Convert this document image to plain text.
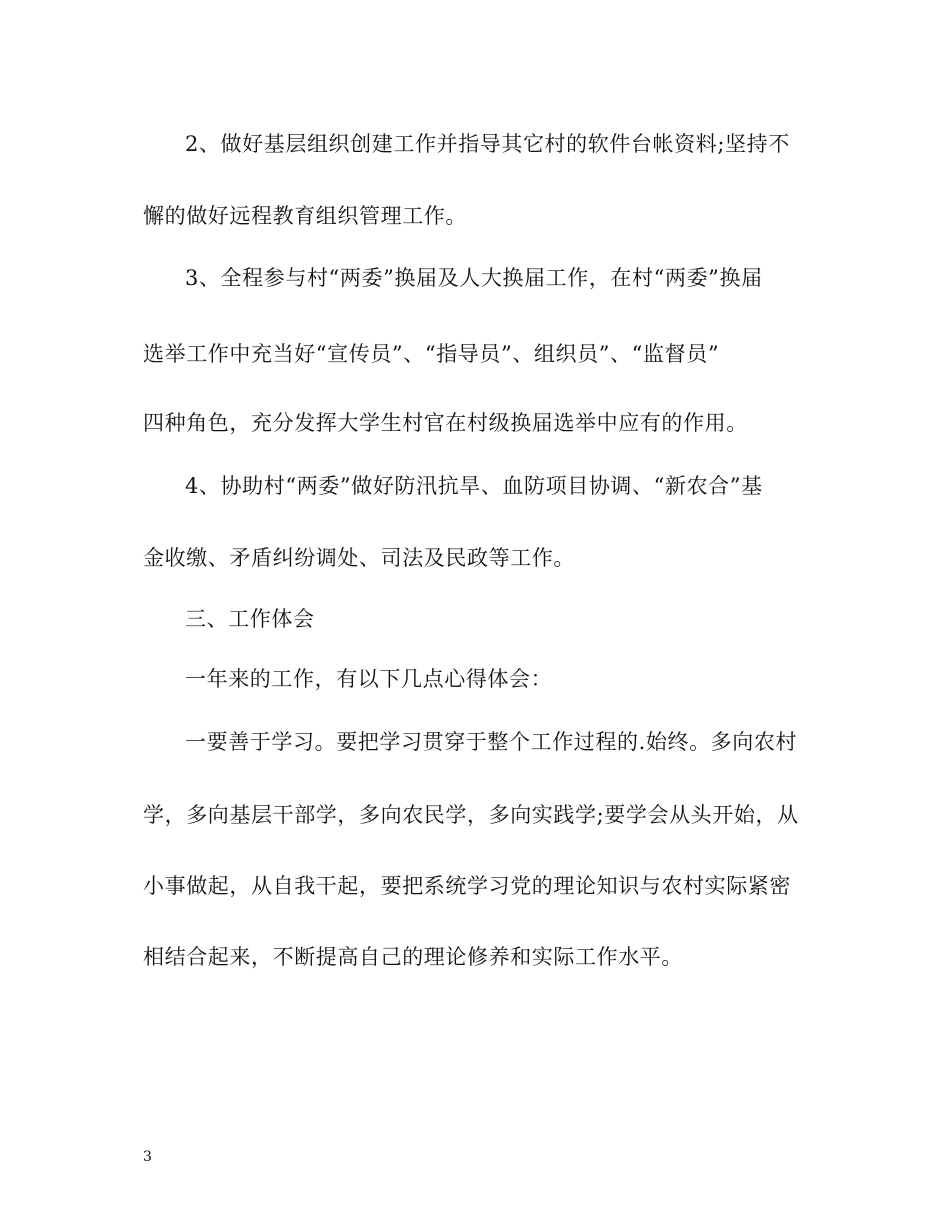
2、做好基层组织创建工作并指导其它村的软件台帐资料;坚持不
懈的做好远程教育组织管理工作。
3、全程参与村“两委”换届及人大换届工作，在村“两委”换届
选举工作中充当好“宣传员”、“指导员”、组织员”、“监督员”
四种角色，充分发挥大学生村官在村级换届选举中应有的作用。
4、协助村“两委”做好防汛抗旱、血防项目协调、“新农合”基
金收缴、矛盾纠纷调处、司法及民政等工作。
三、工作体会
一年来的工作，有以下几点心得体会：
一要善于学习。要把学习贯穿于整个工作过程的.始终。多向农村
学，多向基层干部学，多向农民学，多向实践学;要学会从头开始，从
小事做起，从自我干起，要把系统学习党的理论知识与农村实际紧密
相结合起来，不断提高自己的理论修养和实际工作水平。
3
